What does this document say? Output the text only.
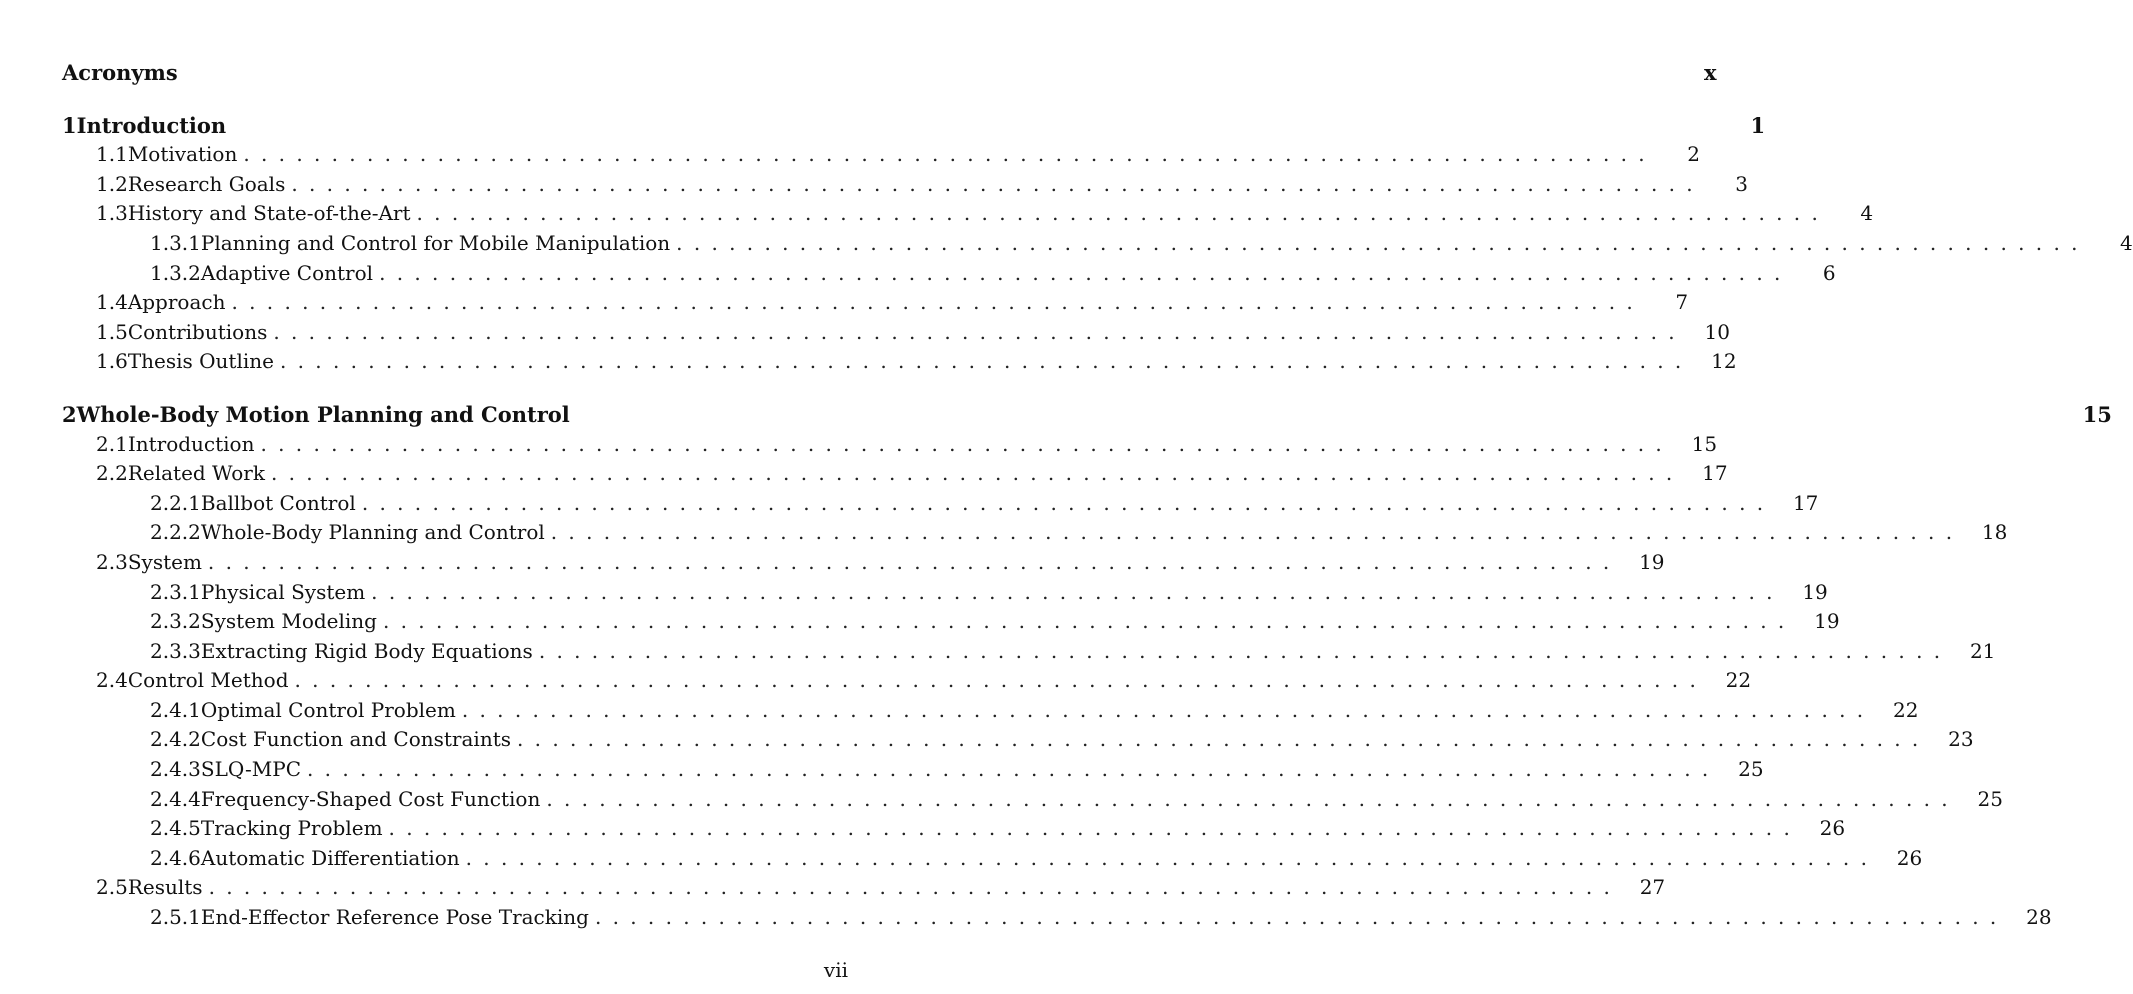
Acronyms	x
1 Introduction	1
1.1 Motivation ................................................................................	2
1.2 Research Goals ................................................................................	3
1.3 History and State-of-the-Art ................................................................................	4
1.3.1 Planning and Control for Mobile Manipulation ................................................................................	4
1.3.2 Adaptive Control ................................................................................	6
1.4 Approach ................................................................................	7
1.5 Contributions ................................................................................ 10
1.6 Thesis Outline ................................................................................ 12
2 Whole-Body Motion Planning and Control	15
2.1 Introduction ................................................................................ 15
2.2 Related Work ................................................................................ 17
2.2.1 Ballbot Control ................................................................................ 17
2.2.2 Whole-Body Planning and Control ................................................................................ 18
2.3 System ................................................................................ 19
2.3.1 Physical System ................................................................................ 19
2.3.2 System Modeling ................................................................................ 19
2.3.3 Extracting Rigid Body Equations ................................................................................ 21
2.4 Control Method ................................................................................ 22
2.4.1 Optimal Control Problem ................................................................................ 22
2.4.2 Cost Function and Constraints ................................................................................ 23
2.4.3 SLQ-MPC ................................................................................ 25
2.4.4 Frequency-Shaped Cost Function ................................................................................ 25
2.4.5 Tracking Problem ................................................................................ 26
2.4.6 Automatic Differentiation ................................................................................ 26
2.5 Results ................................................................................ 27
2.5.1 End-Effector Reference Pose Tracking ................................................................................ 28
vii
